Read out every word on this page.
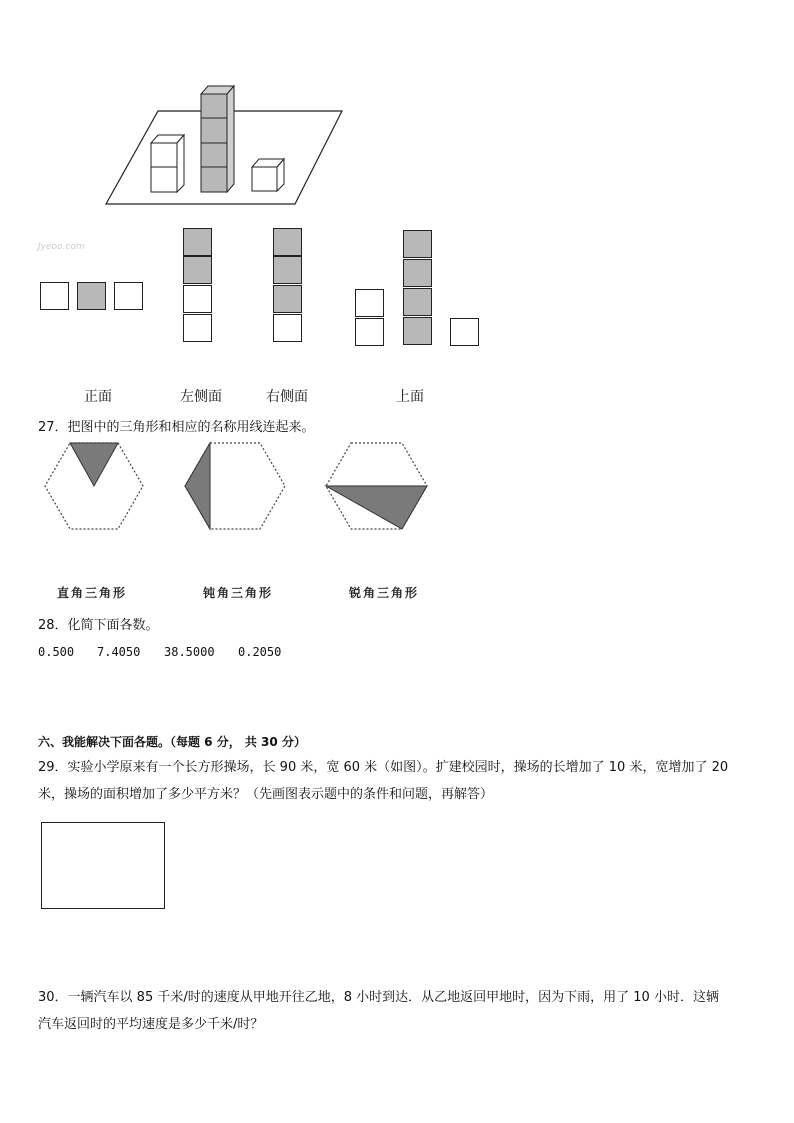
Jyeoo.com
正面	左侧面	右侧面	上面
27．把图中的三角形和相应的名称用线连起来。
直角三角形	钝角三角形	锐角三角形
28．化简下面各数。
0.500 7.4050 38.5000 0.2050
六、我能解决下面各题。（每题 6 分， 共 30 分）
29．实验小学原来有一个长方形操场，长 90 米，宽 60 米（如图）。扩建校园时，操场的长增加了 10 米，宽增加了 20
米，操场的面积增加了多少平方米？（先画图表示题中的条件和问题，再解答）
30．一辆汽车以 85 千米/时的速度从甲地开往乙地，8 小时到达．从乙地返回甲地时，因为下雨，用了 10 小时．这辆
汽车返回时的平均速度是多少千米/时？
